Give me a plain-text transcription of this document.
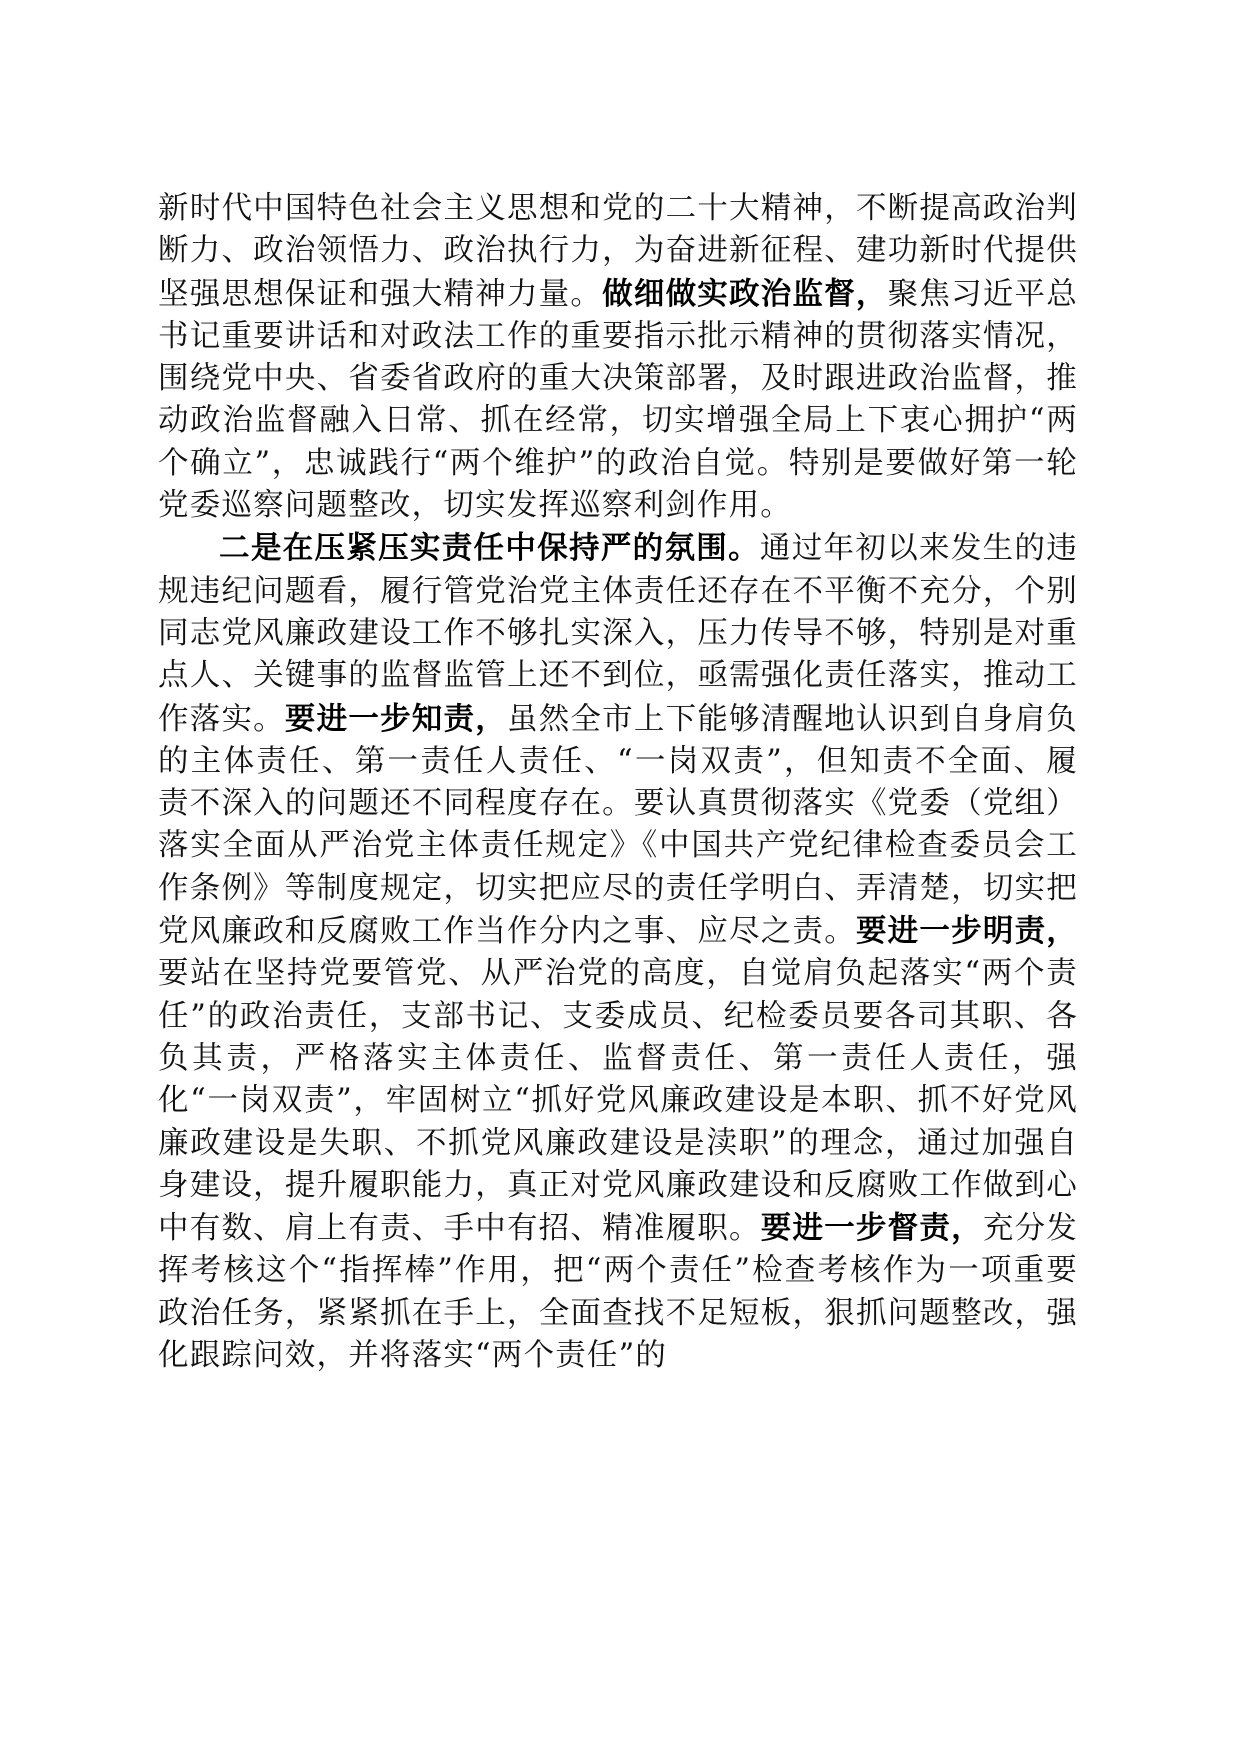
新时代中国特色社会主义思想和党的二十大精神，不断提高政治判断力、政治领悟力、政治执行力，为奋进新征程、建功新时代提供坚强思想保证和强大精神力量。做细做实政治监督，聚焦习近平总书记重要讲话和对政法工作的重要指示批示精神的贯彻落实情况，围绕党中央、省委省政府的重大决策部署，及时跟进政治监督，推动政治监督融入日常、抓在经常，切实增强全局上下衷心拥护“两个确立”，忠诚践行“两个维护”的政治自觉。特别是要做好第一轮党委巡察问题整改，切实发挥巡察利剑作用。

二是在压紧压实责任中保持严的氛围。通过年初以来发生的违规违纪问题看，履行管党治党主体责任还存在不平衡不充分，个别同志党风廉政建设工作不够扎实深入，压力传导不够，特别是对重点人、关键事的监督监管上还不到位，亟需强化责任落实，推动工作落实。要进一步知责，虽然全市上下能够清醒地认识到自身肩负的主体责任、第一责任人责任、“一岗双责”，但知责不全面、履责不深入的问题还不同程度存在。要认真贯彻落实《党委（党组）落实全面从严治党主体责任规定》《中国共产党纪律检查委员会工作条例》等制度规定，切实把应尽的责任学明白、弄清楚，切实把党风廉政和反腐败工作当作分内之事、应尽之责。要进一步明责，要站在坚持党要管党、从严治党的高度，自觉肩负起落实“两个责任”的政治责任，支部书记、支委成员、纪检委员要各司其职、各负其责，严格落实主体责任、监督责任、第一责任人责任，强化“一岗双责”，牢固树立“抓好党风廉政建设是本职、抓不好党风廉政建设是失职、不抓党风廉政建设是渎职”的理念，通过加强自身建设，提升履职能力，真正对党风廉政建设和反腐败工作做到心中有数、肩上有责、手中有招、精准履职。要进一步督责，充分发挥考核这个“指挥棒”作用，把“两个责任”检查考核作为一项重要政治任务，紧紧抓在手上，全面查找不足短板，狠抓问题整改，强化跟踪问效，并将落实“两个责任”的
